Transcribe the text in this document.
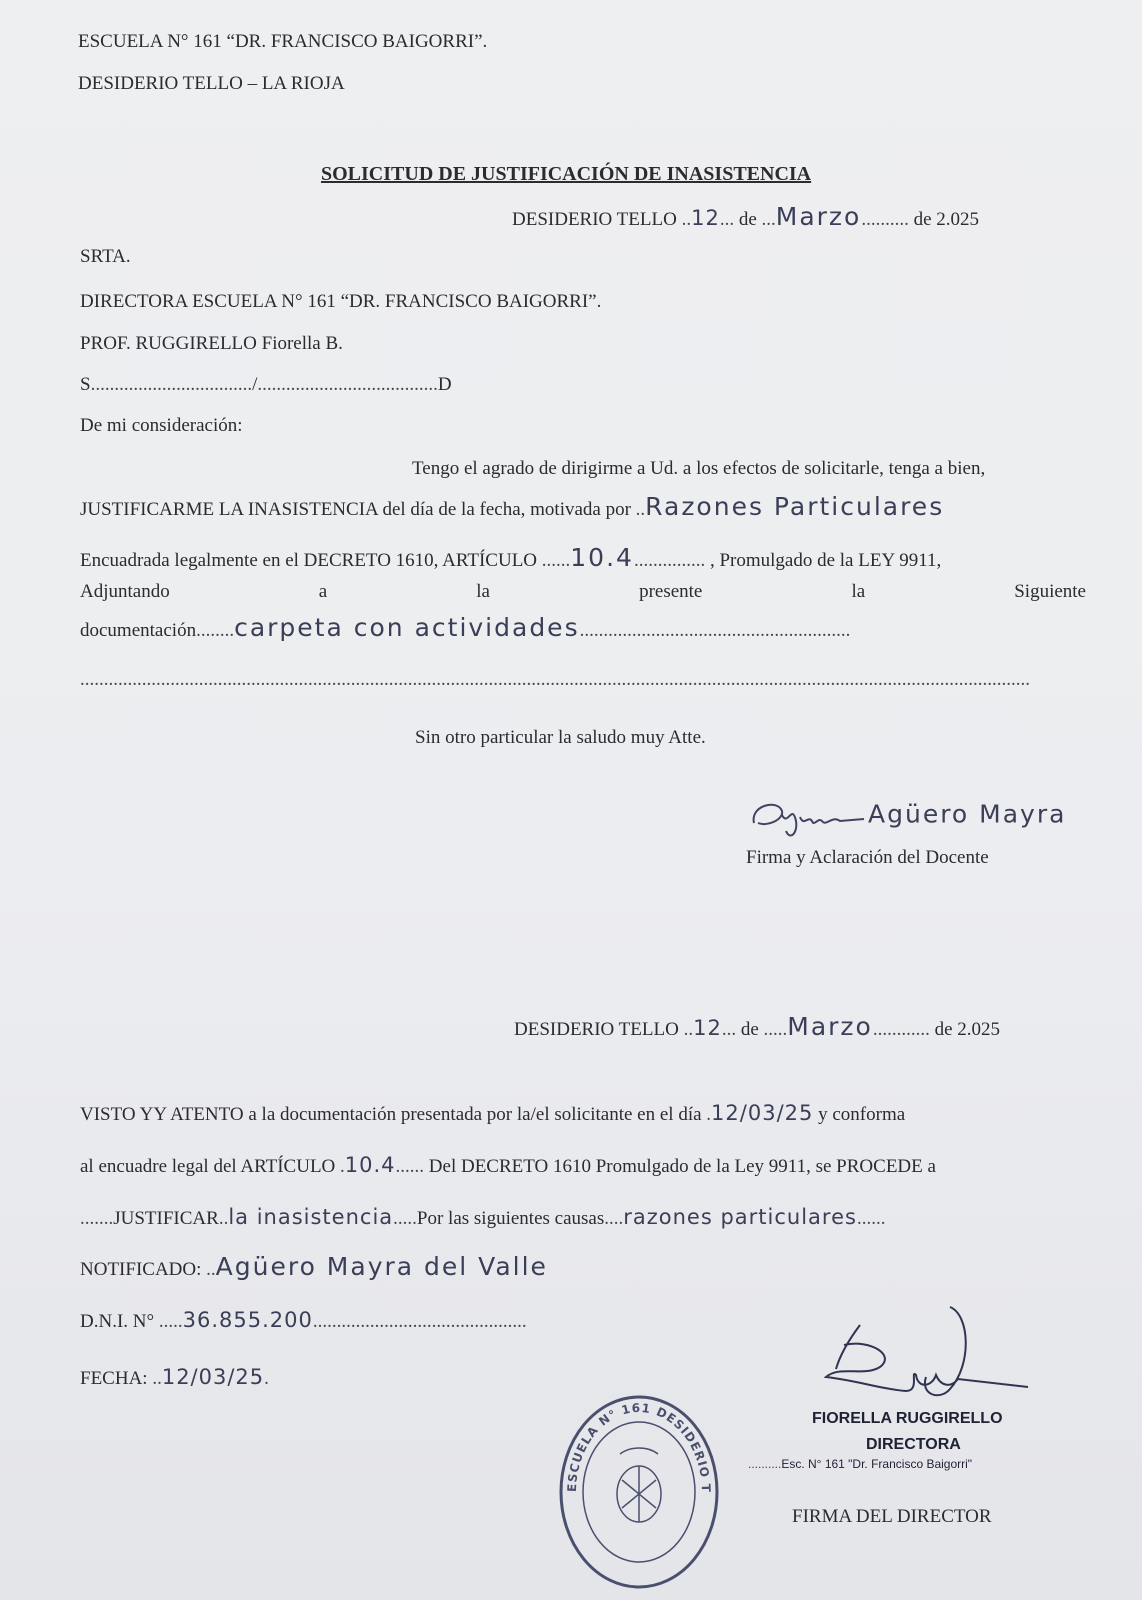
ESCUELA N° 161 “DR. FRANCISCO BAIGORRI”.
DESIDERIO TELLO – LA RIOJA
SOLICITUD DE JUSTIFICACIÓN DE INASISTENCIA
DESIDERIO TELLO ..12... de ...Marzo.......... de 2.025
SRTA.
DIRECTORA ESCUELA N° 161 “DR. FRANCISCO BAIGORRI”.
PROF. RUGGIRELLO Fiorella B.
S................................../......................................D
De mi consideración:
Tengo el agrado de dirigirme a Ud. a los efectos de solicitarle, tenga a bien,
JUSTIFICARME LA INASISTENCIA del día de la fecha, motivada por ..Razones Particulares
Encuadrada legalmente en el DECRETO 1610, ARTÍCULO ......10.4............... , Promulgado de la LEY 9911,
Adjuntando	a	la	presente	la	Siguiente
documentación........carpeta con actividades.........................................................
........................................................................................................................................................................................................
Sin otro particular la saludo muy Atte.
Agüero Mayra
Firma y Aclaración del Docente
DESIDERIO TELLO ..12... de .....Marzo............ de 2.025
VISTO YY ATENTO a la documentación presentada por la/el solicitante en el día .12/03/25 y conforma
al encuadre legal del ARTÍCULO .10.4...... Del DECRETO 1610 Promulgado de la Ley 9911, se PROCEDE a
.......JUSTIFICAR..la inasistencia.....Por las siguientes causas....razones particulares......
NOTIFICADO: ..Agüero Mayra del Valle
D.N.I. N° .....36.855.200.............................................
FECHA: ..12/03/25.
ESCUELA N° 161 DESIDERIO T
FIORELLA RUGGIRELLO
DIRECTORA
..........Esc. N° 161 "Dr. Francisco Baigorri"
FIRMA DEL DIRECTOR
